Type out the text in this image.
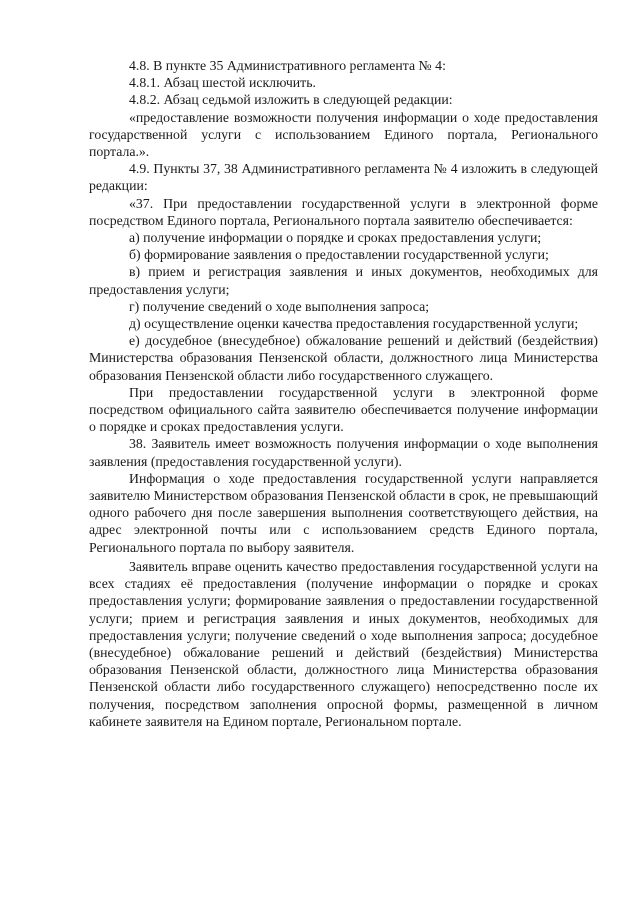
4.8. В пункте 35 Административного регламента № 4:

4.8.1. Абзац шестой исключить.

4.8.2. Абзац седьмой изложить в следующей редакции:

«предоставление возможности получения информации о ходе предоставления государственной услуги с использованием Единого портала, Регионального портала.».

4.9. Пункты 37, 38 Административного регламента № 4 изложить в следующей редакции:

«37. При предоставлении государственной услуги в электронной форме посредством Единого портала, Регионального портала заявителю обеспечивается:

а) получение информации о порядке и сроках предоставления услуги;

б) формирование заявления о предоставлении государственной услуги;

в) прием и регистрация заявления и иных документов, необходимых для предоставления услуги;

г) получение сведений о ходе выполнения запроса;

д) осуществление оценки качества предоставления государственной услуги;

е) досудебное (внесудебное) обжалование решений и действий (бездействия) Министерства образования Пензенской области, должностного лица Министерства образования Пензенской области либо государственного служащего.

При предоставлении государственной услуги в электронной форме посредством официального сайта заявителю обеспечивается получение информации о порядке и сроках предоставления услуги.

38. Заявитель имеет возможность получения информации о ходе выполнения заявления (предоставления государственной услуги).

Информация о ходе предоставления государственной услуги направляется заявителю Министерством образования Пензенской области в срок, не превышающий одного рабочего дня после завершения выполнения соответствующего действия, на адрес электронной почты или с использованием средств Единого портала, Регионального портала по выбору заявителя.

Заявитель вправе оценить качество предоставления государственной услуги на всех стадиях её предоставления (получение информации о порядке и сроках предоставления услуги; формирование заявления о предоставлении государственной услуги; прием и регистрация заявления и иных документов, необходимых для предоставления услуги; получение сведений о ходе выполнения запроса; досудебное (внесудебное) обжалование решений и действий (бездействия) Министерства образования Пензенской области, должностного лица Министерства образования Пензенской области либо государственного служащего) непосредственно после их получения, посредством заполнения опросной формы, размещенной в личном кабинете заявителя на Едином портале, Региональном портале.
